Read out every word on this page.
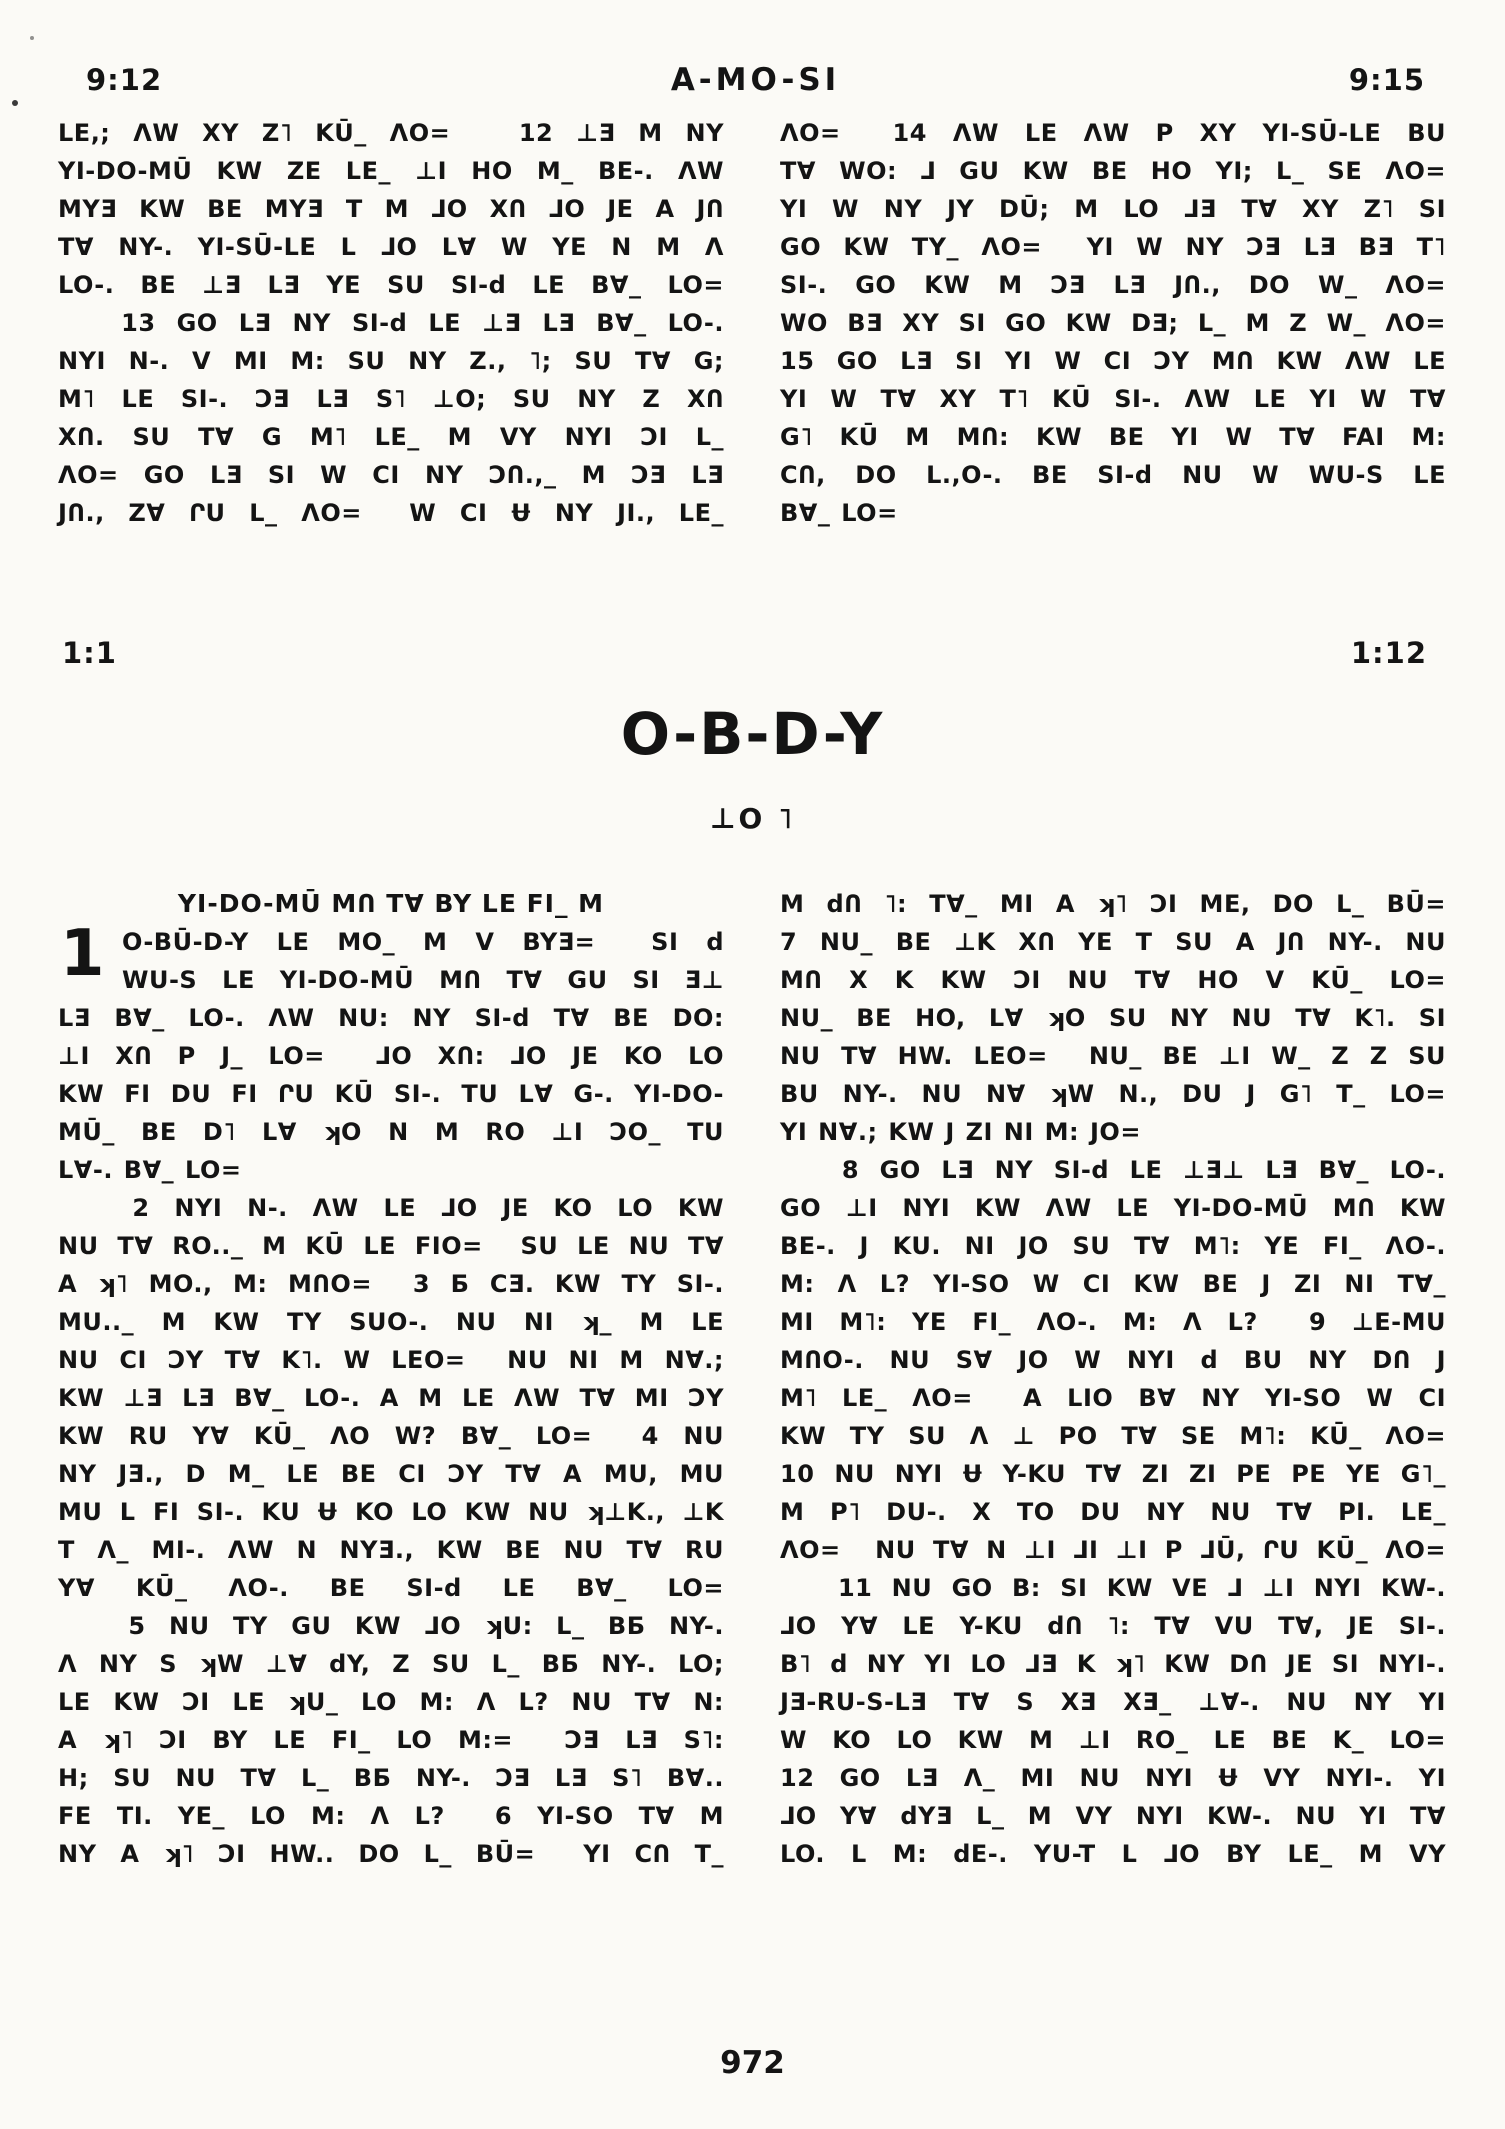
9:12	A-MO-SI	9:15
LE,; ɅW XY Z˥ KŪ_ ɅO=   12 ⊥Ǝ M NY
YI-DO-MŪ KW ZE LE_ ⊥I HO M_ BE-. ɅW
MYƎ KW BE MYƎ T M ⅃O XՈ ⅃O JE A JՈ
TⱯ NY-. YI-SŪ-LE L ⅃O LⱯ W YE N M Ʌ
LO-. BE ⊥Ǝ LƎ YE SU SI-d LE BⱯ_ LO=
13 GO LƎ NY SI-d LE ⊥Ǝ LƎ BⱯ_ LO-.
NYI N-. V MI M: SU NY Z., ˥; SU TⱯ G;
M˥ LE SI-. ƆƎ LƎ S˥ ⊥O; SU NY Z XՈ
XՈ. SU TⱯ G M˥ LE_ M VY NYI ƆI L_
ɅO= GO LƎ SI W CI NY ƆՈ.,_ M ƆƎ LƎ
JՈ., ZⱯ ՐU L_ ɅO=  W CI Ʉ NY JI., LE_
ɅO=  14 ɅW LE ɅW P XY YI-SŪ-LE BU
TⱯ WO: ⅃ GU KW BE HO YI; L_ SE ɅO=
YI W NY JY DŪ; M LO ⅃Ǝ TⱯ XY Z˥ SI
GO KW TY_ ɅO=  YI W NY ƆƎ LƎ BƎ T˥
SI-. GO KW M ƆƎ LƎ JՈ., DO W_ ɅO=
WO BƎ XY SI GO KW DƎ; L_ M Z W_ ɅO=
15 GO LƎ SI YI W CI ƆY MՈ KW ɅW LE
YI W TⱯ XY T˥ KŪ SI-. ɅW LE YI W TⱯ
G˥ KŪ M MՈ: KW BE YI W TⱯ FAI M:
CՈ, DO L.,O-. BE SI-d NU W WU-S LE
BⱯ_ LO=
1:1	1:12
O-B-D-Y
⊥O ˥
YI-DO-MŪ MՈ TⱯ BY LE FI_ M
1 O-BŪ-D-Y LE MO_ M V BYƎ=  SI d
WU-S LE YI-DO-MŪ MՈ TⱯ GU SI Ǝ⊥
LƎ BⱯ_ LO-. ɅW NU: NY SI-d TⱯ BE DO:
⊥I XՈ P J_ LO=  ⅃O XՈ: ⅃O JE KO LO
KW FI DU FI ՐU KŪ SI-. TU LⱯ G-. YI-DO-
MŪ_ BE D˥ LⱯ ʞO N M RO ⊥I ƆO_ TU
LⱯ-. BⱯ_ LO=
2 NYI N-. ɅW LE ⅃O JE KO LO KW
NU TⱯ RO.._ M KŪ LE FIO=  SU LE NU TⱯ
A ʞ˥ MO., M: MՈO=  3 Ƃ CƎ. KW TY SI-.
MU.._ M KW TY SUO-. NU NI ʞ_ M LE
NU CI ƆY TⱯ K˥. W LEO=  NU NI M NⱯ.;
KW ⊥Ǝ LƎ BⱯ_ LO-. A M LE ɅW TⱯ MI ƆY
KW RU YⱯ KŪ_ ɅO W? BⱯ_ LO=  4 NU
NY JƎ., D M_ LE BE CI ƆY TⱯ A MU, MU
MU L FI SI-. KU Ʉ KO LO KW NU ʞ⊥K., ⊥K
T Ʌ_ MI-. ɅW N NYƎ., KW BE NU TⱯ RU
YⱯ KŪ_ ɅO-. BE SI-d LE BⱯ_ LO=
5 NU TY GU KW ⅃O ʞU: L_ BƂ NY-.
Ʌ NY S ʞW ⊥Ɐ dY, Z SU L_ BƂ NY-. LO;
LE KW ƆI LE ʞU_ LO M: Ʌ L? NU TⱯ N:
A ʞ˥ ƆI BY LE FI_ LO M:=  ƆƎ LƎ S˥:
H; SU NU TⱯ L_ BƂ NY-. ƆƎ LƎ S˥ BⱯ..
FE TI. YE_ LO M: Ʌ L?  6 YI-SO TⱯ M
NY A ʞ˥ ƆI HW.. DO L_ BŪ=  YI CՈ T_
M dՈ ˥: TⱯ_ MI A ʞ˥ ƆI ME, DO L_ BŪ=
7 NU_ BE ⊥K XՈ YE T SU A JՈ NY-. NU
MՈ X K KW ƆI NU TⱯ HO V KŪ_ LO=
NU_ BE HO, LⱯ ʞO SU NY NU TⱯ K˥. SI
NU TⱯ HW. LEO=  NU_ BE ⊥I W_ Z Z SU
BU NY-. NU NⱯ ʞW N., DU J G˥ T_ LO=
YI NⱯ.; KW J ZI NI M: JO=
8 GO LƎ NY SI-d LE ⊥Ǝ⊥ LƎ BⱯ_ LO-.
GO ⊥I NYI KW ɅW LE YI-DO-MŪ MՈ KW
BE-. J KU. NI JO SU TⱯ M˥: YE FI_ ɅO-.
M: Ʌ L? YI-SO W CI KW BE J ZI NI TⱯ_
MI M˥: YE FI_ ɅO-. M: Ʌ L?  9 ⊥E-MU
MՈO-. NU SⱯ JO W NYI d BU NY DՈ J
M˥ LE_ ɅO=  A LIO BⱯ NY YI-SO W CI
KW TY SU Ʌ ⊥ PO TⱯ SE M˥: KŪ_ ɅO=
10 NU NYI Ʉ Y-KU TⱯ ZI ZI PE PE YE G˥_
M P˥ DU-. X TO DU NY NU TⱯ PI. LE_
ɅO=  NU TⱯ N ⊥I ⅃I ⊥I P ⅃Ū, ՐU KŪ_ ɅO=
11 NU GO B: SI KW VE ⅃ ⊥I NYI KW-.
⅃O YⱯ LE Y-KU dՈ ˥: TⱯ VU TⱯ, JE SI-.
B˥ d NY YI LO ⅃Ǝ K ʞ˥ KW DՈ JE SI NYI-.
JƎ-RU-S-LƎ TⱯ S XƎ XƎ_ ⊥Ɐ-. NU NY YI
W KO LO KW M ⊥I RO_ LE BE K_ LO=
12 GO LƎ Ʌ_ MI NU NYI Ʉ VY NYI-. YI
⅃O YⱯ dYƎ L_ M VY NYI KW-. NU YI TⱯ
LO. L M: dE-. YU-T L ⅃O BY LE_ M VY
972
